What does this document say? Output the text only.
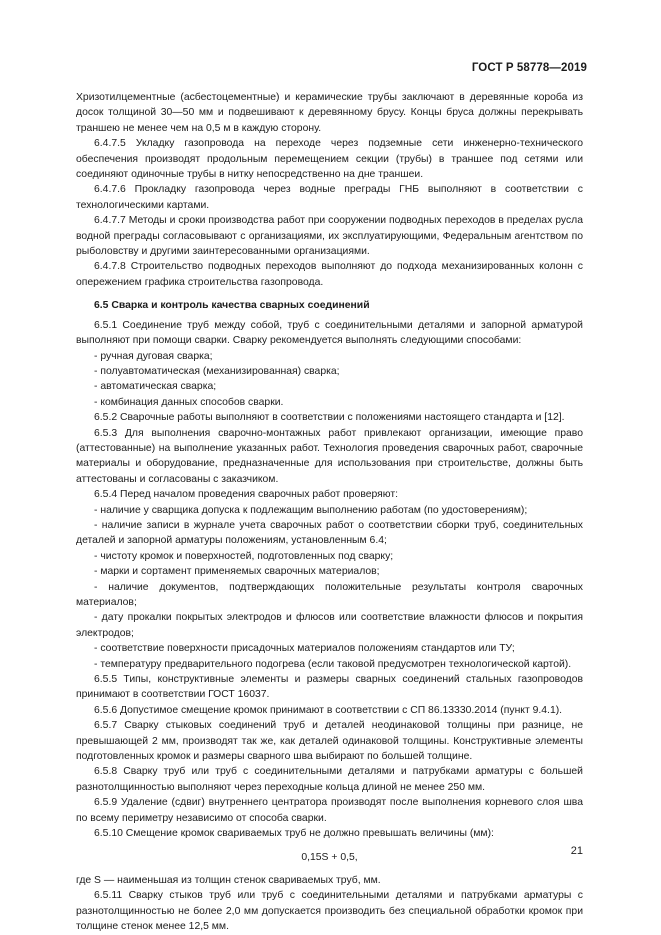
ГОСТ Р 58778—2019

Хризотилцементные (асбестоцементные) и керамические трубы заключают в деревянные короба из досок толщиной 30—50 мм и подвешивают к деревянному брусу. Концы бруса должны перекрывать траншею не менее чем на 0,5 м в каждую сторону.

6.4.7.5 Укладку газопровода на переходе через подземные сети инженерно-технического обеспечения производят продольным перемещением секции (трубы) в траншее под сетями или соединяют одиночные трубы в нитку непосредственно на дне траншеи.

6.4.7.6 Прокладку газопровода через водные преграды ГНБ выполняют в соответствии с технологическими картами.

6.4.7.7 Методы и сроки производства работ при сооружении подводных переходов в пределах русла водной преграды согласовывают с организациями, их эксплуатирующими, Федеральным агентством по рыболовству и другими заинтересованными организациями.

6.4.7.8 Строительство подводных переходов выполняют до подхода механизированных колонн с опережением графика строительства газопровода.

6.5 Сварка и контроль качества сварных соединений

6.5.1 Соединение труб между собой, труб с соединительными деталями и запорной арматурой выполняют при помощи сварки. Сварку рекомендуется выполнять следующими способами:

- ручная дуговая сварка;

- полуавтоматическая (механизированная) сварка;

- автоматическая сварка;

- комбинация данных способов сварки.

6.5.2 Сварочные работы выполняют в соответствии с положениями настоящего стандарта и [12].

6.5.3 Для выполнения сварочно-монтажных работ привлекают организации, имеющие право (аттестованные) на выполнение указанных работ. Технология проведения сварочных работ, сварочные материалы и оборудование, предназначенные для использования при строительстве, должны быть аттестованы и согласованы с заказчиком.

6.5.4 Перед началом проведения сварочных работ проверяют:

- наличие у сварщика допуска к подлежащим выполнению работам (по удостоверениям);

- наличие записи в журнале учета сварочных работ о соответствии сборки труб, соединительных деталей и запорной арматуры положениям, установленным 6.4;

- чистоту кромок и поверхностей, подготовленных под сварку;

- марки и сортамент применяемых сварочных материалов;

- наличие документов, подтверждающих положительные результаты контроля сварочных материалов;

- дату прокалки покрытых электродов и флюсов или соответствие влажности флюсов и покрытия электродов;

- соответствие поверхности присадочных материалов положениям стандартов или ТУ;

- температуру предварительного подогрева (если таковой предусмотрен технологической картой).

6.5.5 Типы, конструктивные элементы и размеры сварных соединений стальных газопроводов принимают в соответствии ГОСТ 16037.

6.5.6 Допустимое смещение кромок принимают в соответствии с СП 86.13330.2014 (пункт 9.4.1).

6.5.7 Сварку стыковых соединений труб и деталей неодинаковой толщины при разнице, не превышающей 2 мм, производят так же, как деталей одинаковой толщины. Конструктивные элементы подготовленных кромок и размеры сварного шва выбирают по большей толщине.

6.5.8 Сварку труб или труб с соединительными деталями и патрубками арматуры с большей разнотолщинностью выполняют через переходные кольца длиной не менее 250 мм.

6.5.9 Удаление (сдвиг) внутреннего центратора производят после выполнения корневого слоя шва по всему периметру независимо от способа сварки.

6.5.10 Смещение кромок свариваемых труб не должно превышать величины (мм):

0,15S + 0,5,

где S — наименьшая из толщин стенок свариваемых труб, мм.

6.5.11 Сварку стыков труб или труб с соединительными деталями и патрубками арматуры с разнотолщинностью не более 2,0 мм допускается производить без специальной обработки кромок при толщине стенок менее 12,5 мм.

21
